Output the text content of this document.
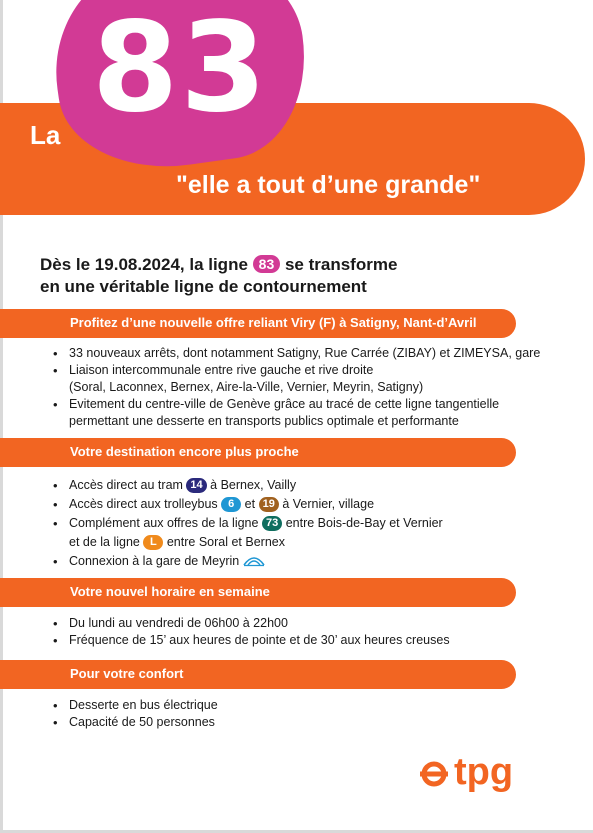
83
La
"elle a tout d’une grande"
Dès le 19.08.2024, la ligne 83 se transforme
en une véritable ligne de contournement
Profitez d’une nouvelle offre reliant Viry (F) à Satigny, Nant-d’Avril
• 33 nouveaux arrêts, dont notamment Satigny, Rue Carrée (ZIBAY) et ZIMEYSA, gare
• Liaison intercommunale entre rive gauche et rive droite
(Soral, Laconnex, Bernex, Aire-la-Ville, Vernier, Meyrin, Satigny)
• Evitement du centre-ville de Genève grâce au tracé de cette ligne tangentielle
permettant une desserte en transports publics optimale et performante
Votre destination encore plus proche
• Accès direct au tram 14 à Bernex, Vailly
• Accès direct aux trolleybus 6 et 19 à Vernier, village
• Complément aux offres de la ligne 73 entre Bois-de-Bay et Vernier
et de la ligne L entre Soral et Bernex
• Connexion à la gare de Meyrin
Votre nouvel horaire en semaine
• Du lundi au vendredi de 06h00 à 22h00
• Fréquence de 15’ aux heures de pointe et de 30’ aux heures creuses
Pour votre confort
• Desserte en bus électrique
• Capacité de 50 personnes
tpg
